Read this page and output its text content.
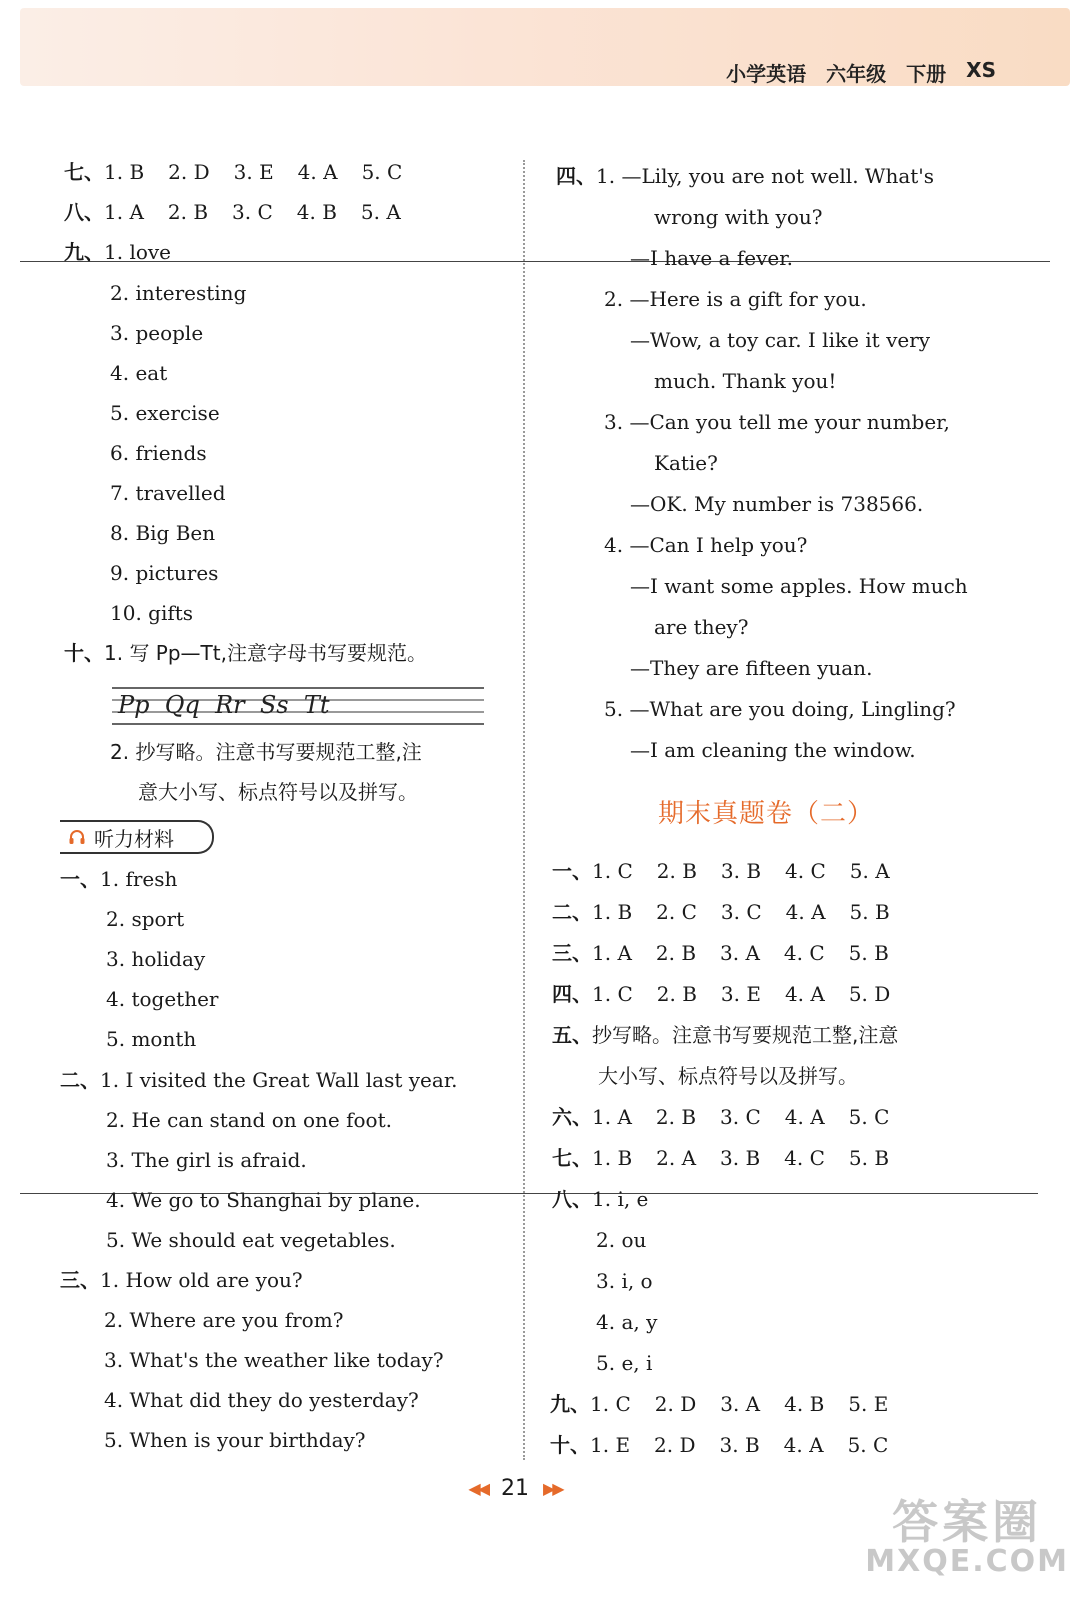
小学英语 六年级 下册 XS
七、1. B 2. D 3. E 4. A 5. C
八、1. A 2. B 3. C 4. B 5. A
九、1. love
2. interesting
3. people
4. eat
5. exercise
6. friends
7. travelled
8. Big Ben
9. pictures
10. gifts
十、1. 写 Pp—Tt,注意字母书写要规范。
Pp  Qq  Rr  Ss  Tt
2. 抄写略。注意书写要规范工整,注
意大小写、标点符号以及拼写。
听力材料
一、1. fresh
2. sport
3. holiday
4. together
5. month
二、1. I visited the Great Wall last year.
2. He can stand on one foot.
3. The girl is afraid.
4. We go to Shanghai by plane.
5. We should eat vegetables.
三、1. How old are you?
2. Where are you from?
3. What's the weather like today?
4. What did they do yesterday?
5. When is your birthday?
四、1. —Lily, you are not well. What's
wrong with you?
—I have a fever.
2. —Here is a gift for you.
—Wow, a toy car. I like it very
much. Thank you!
3. —Can you tell me your number,
Katie?
—OK. My number is 738566.
4. —Can I help you?
—I want some apples. How much
are they?
—They are fifteen yuan.
5. —What are you doing, Lingling?
—I am cleaning the window.
期末真题卷（二）
一、1. C 2. B 3. B 4. C 5. A
二、1. B 2. C 3. C 4. A 5. B
三、1. A 2. B 3. A 4. C 5. B
四、1. C 2. B 3. E 4. A 5. D
五、抄写略。注意书写要规范工整,注意
大小写、标点符号以及拼写。
六、1. A 2. B 3. C 4. A 5. C
七、1. B 2. A 3. B 4. C 5. B
八、1. i, e
2. ou
3. i, o
4. a, y
5. e, i
九、1. C 2. D 3. A 4. B 5. E
十、1. E 2. D 3. B 4. A 5. C
◀◀ 21 ▶▶
答案圈
MXQE.COM
